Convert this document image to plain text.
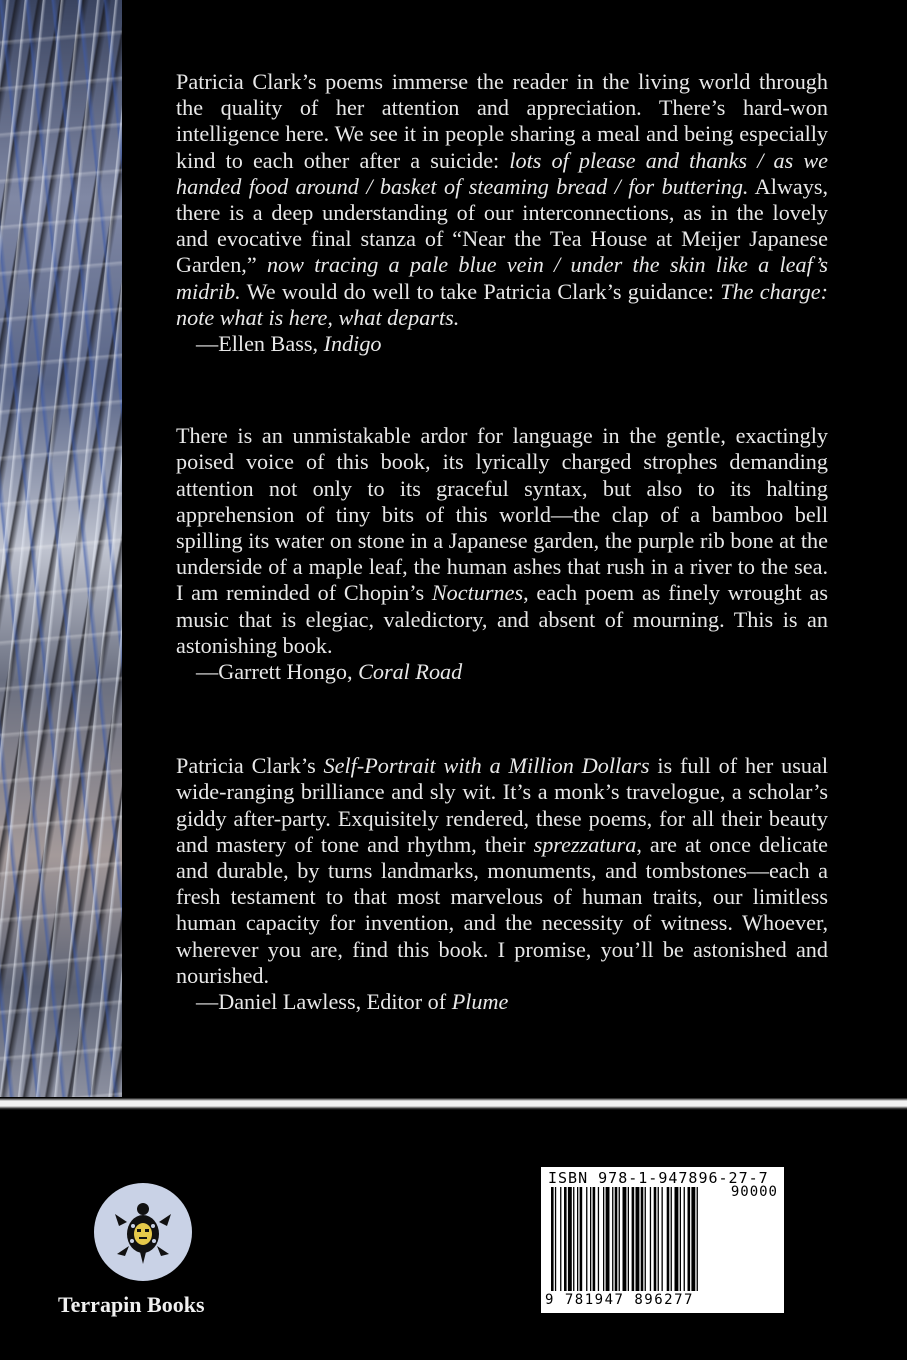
Patricia Clark’s poems immerse the reader in the living world through the quality of her attention and appreciation. There’s hard-won intelligence here. We see it in people sharing a meal and being especially kind to each other after a suicide: lots of please and thanks / as we handed food around / basket of steaming bread / for buttering. Always, there is a deep understanding of our interconnections, as in the lovely and evocative final stanza of “Near the Tea House at Meijer Japanese Garden,” now tracing a pale blue vein / under the skin like a leaf’s midrib. We would do well to take Patricia Clark’s guidance: The charge: note what is here, what departs.

—Ellen Bass, Indigo

There is an unmistakable ardor for language in the gentle, exactingly poised voice of this book, its lyrically charged strophes demanding attention not only to its graceful syntax, but also to its halting apprehension of tiny bits of this world—the clap of a bamboo bell spilling its water on stone in a Japanese garden, the purple rib bone at the underside of a maple leaf, the human ashes that rush in a river to the sea. I am reminded of Chopin’s Nocturnes, each poem as finely wrought as music that is elegiac, valedictory, and absent of mourning. This is an astonishing book.

—Garrett Hongo, Coral Road

Patricia Clark’s Self-Portrait with a Million Dollars is full of her usual wide-ranging brilliance and sly wit. It’s a monk’s travelogue, a scholar’s giddy after-party. Exquisitely rendered, these poems, for all their beauty and mastery of tone and rhythm, their sprezzatura, are at once delicate and durable, by turns landmarks, monuments, and tombstones—each a fresh testament to that most marvelous of human traits, our limitless human capacity for invention, and the necessity of witness. Whoever, wherever you are, find this book. I promise, you’ll be astonished and nourished.

—Daniel Lawless, Editor of Plume

Terrapin Books
ISBN 978-1-947896-27-7
90000
9 781947 896277
